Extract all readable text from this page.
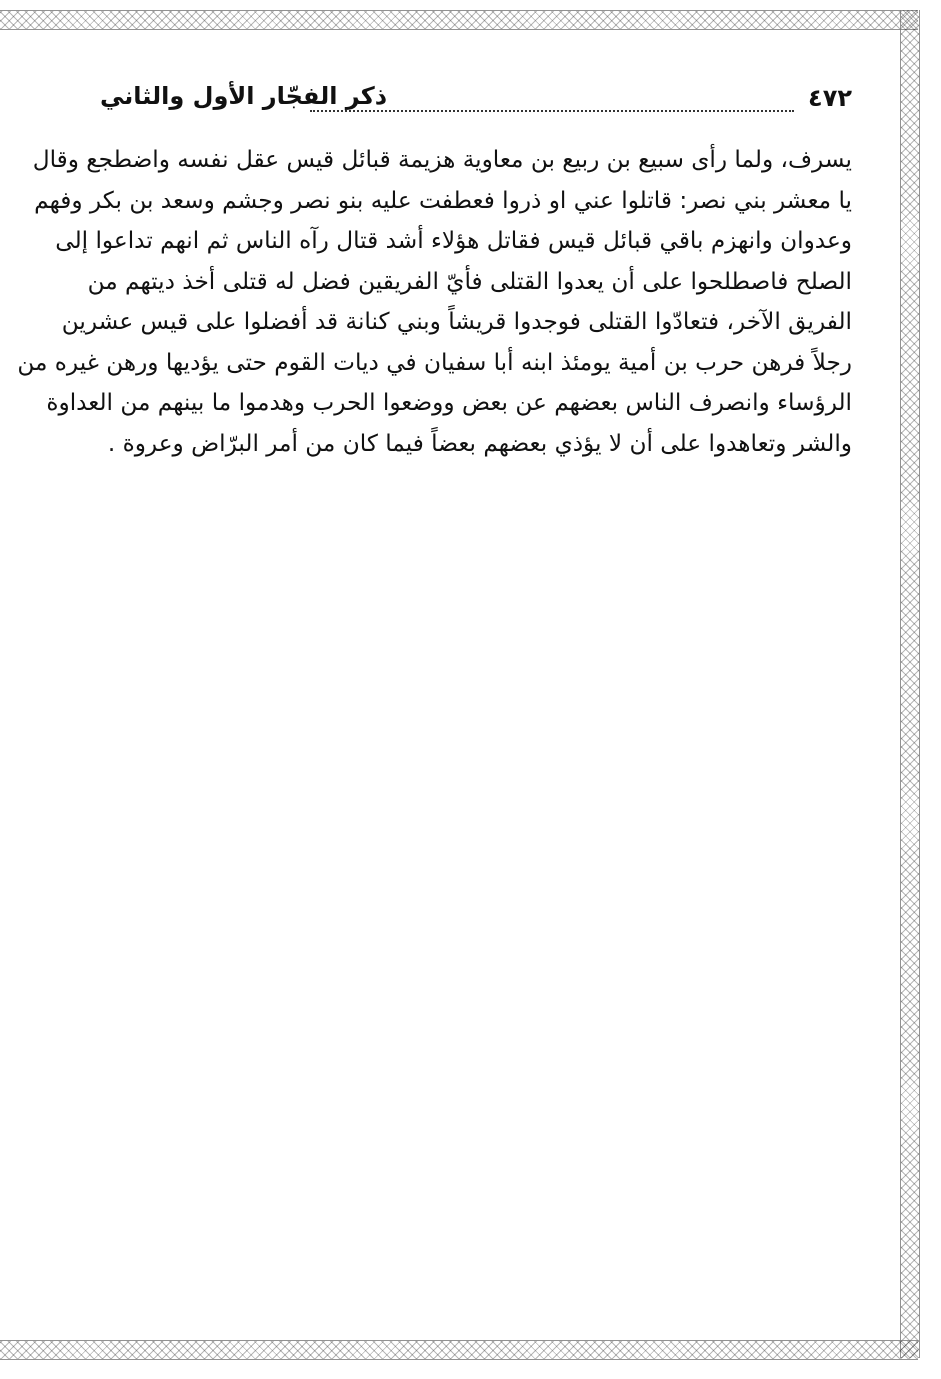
٤٧٢
ذكر الفجّار الأول والثاني
يسرف، ولما رأى سبيع بن ربيع بن معاوية هزيمة قبائل قيس عقل نفسه واضطجع وقال
يا معشر بني نصر: قاتلوا عني او ذروا فعطفت عليه بنو نصر وجشم وسعد بن بكر وفهم
وعدوان وانهزم باقي قبائل قيس فقاتل هؤلاء أشد قتال رآه الناس ثم انهم تداعوا إلى
الصلح فاصطلحوا على أن يعدوا القتلى فأيّ الفريقين فضل له قتلى أخذ ديتهم من
الفريق الآخر، فتعادّوا القتلى فوجدوا قريشاً وبني كنانة قد أفضلوا على قيس عشرين
رجلاً فرهن حرب بن أمية يومئذ ابنه أبا سفيان في ديات القوم حتى يؤديها ورهن غيره من
الرؤساء وانصرف الناس بعضهم عن بعض ووضعوا الحرب وهدموا ما بينهم من العداوة
والشر وتعاهدوا على أن لا يؤذي بعضهم بعضاً فيما كان من أمر البرّاض وعروة .
